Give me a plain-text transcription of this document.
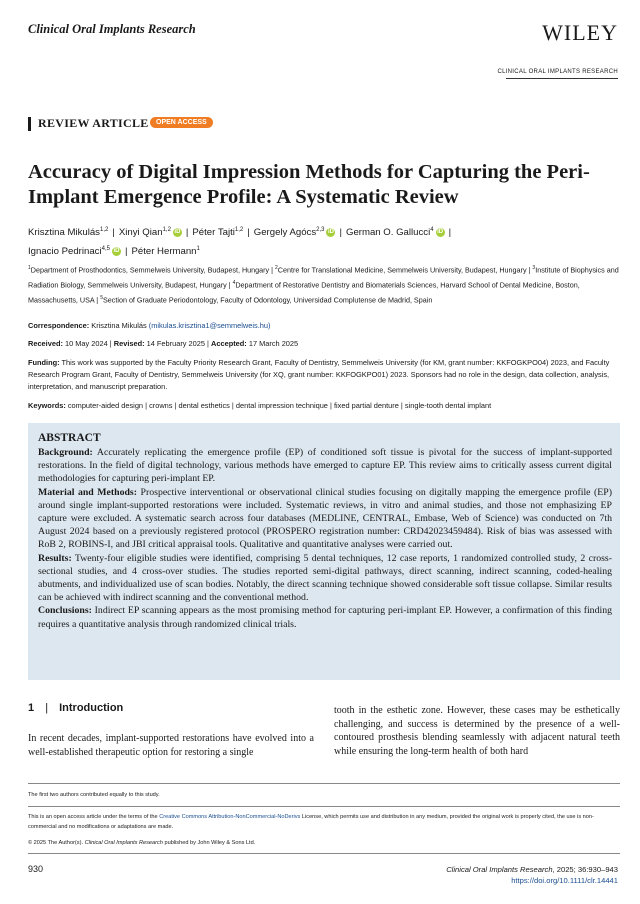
Clinical Oral Implants Research	WILEY
CLINICAL ORAL IMPLANTS RESEARCH
REVIEW ARTICLE	OPEN ACCESS
Accuracy of Digital Impression Methods for Capturing the Peri-Implant Emergence Profile: A Systematic Review
Krisztina Mikulás$^{1,2}$ | Xinyi Qian$^{1,2}$ iD | Péter Tajti$^{1,2}$ | Gergely Agócs$^{2,3}$ iD | German O. Gallucci$^4$ iD |
Ignacio Pedrinaci$^{4,5}$ iD | Péter Hermann$^1$
$^1$Department of Prosthodontics, Semmelweis University, Budapest, Hungary | $^2$Centre for Translational Medicine, Semmelweis University, Budapest, Hungary | $^3$Institute of Biophysics and Radiation Biology, Semmelweis University, Budapest, Hungary | $^4$Department of Restorative Dentistry and Biomaterials Sciences, Harvard School of Dental Medicine, Boston, Massachusetts, USA | $^5$Section of Graduate Periodontology, Faculty of Odontology, Universidad Complutense de Madrid, Spain
Correspondence: Krisztina Mikulás (mikulas.krisztina1@semmelweis.hu)
Received: 10 May 2024 | Revised: 14 February 2025 | Accepted: 17 March 2025
Funding: This work was supported by the Faculty Priority Research Grant, Faculty of Dentistry, Semmelweis University (for KM, grant number: KKFOGKPO04) 2023, and Faculty Research Program Grant, Faculty of Dentistry, Semmelweis University (for XQ, grant number: KKFOGKPO01) 2023. Sponsors had no role in the design, data collection, analysis, interpretation, and manuscript preparation.
Keywords: computer-aided design | crowns | dental esthetics | dental impression technique | fixed partial denture | single-tooth dental implant
ABSTRACT

Background: Accurately replicating the emergence profile (EP) of conditioned soft tissue is pivotal for the success of implant-supported restorations. In the field of digital technology, various methods have emerged to capture EP. This review aims to critically assess current digital methodologies for capturing peri-implant EP.

Material and Methods: Prospective interventional or observational clinical studies focusing on digitally mapping the emergence profile (EP) around single implant-supported restorations were included. Systematic reviews, in vitro and animal studies, and those not emphasizing EP capture were excluded. A systematic search across four databases (MEDLINE, CENTRAL, Embase, Web of Science) was conducted on 7th August 2024 based on a previously registered protocol (PROSPERO registration number: CRD42023459484). Risk of bias was assessed with RoB 2, ROBINS-I, and JBI critical appraisal tools. Qualitative and quantitative analyses were carried out.

Results: Twenty-four eligible studies were identified, comprising 5 dental techniques, 12 case reports, 1 randomized controlled study, 2 cross-sectional studies, and 4 cross-over studies. The studies reported semi-digital pathways, direct scanning, indirect scanning, coded-healing abutments, and individualized use of scan bodies. Notably, the direct scanning technique showed considerable soft tissue collapse. Similar results can be achieved with indirect scanning and the conventional method.

Conclusions: Indirect EP scanning appears as the most promising method for capturing peri-implant EP. However, a confirmation of this finding requires a quantitative analysis through randomized clinical trials.

1 | Introduction
In recent decades, implant-supported restorations have evolved into a well-established therapeutic option for restoring a single
tooth in the esthetic zone. However, these cases may be esthetically challenging, and success is determined by the presence of a well-contoured prosthesis blending seamlessly with adjacent natural teeth while ensuring the long-term health of both hard
The first two authors contributed equally to this study.
This is an open access article under the terms of the Creative Commons Attribution-NonCommercial-NoDerivs License, which permits use and distribution in any medium, provided the original work is properly cited, the use is non-commercial and no modifications or adaptations are made.
© 2025 The Author(s). Clinical Oral Implants Research published by John Wiley & Sons Ltd.
930	Clinical Oral Implants Research, 2025; 36:930–943
https://doi.org/10.1111/clr.14441
